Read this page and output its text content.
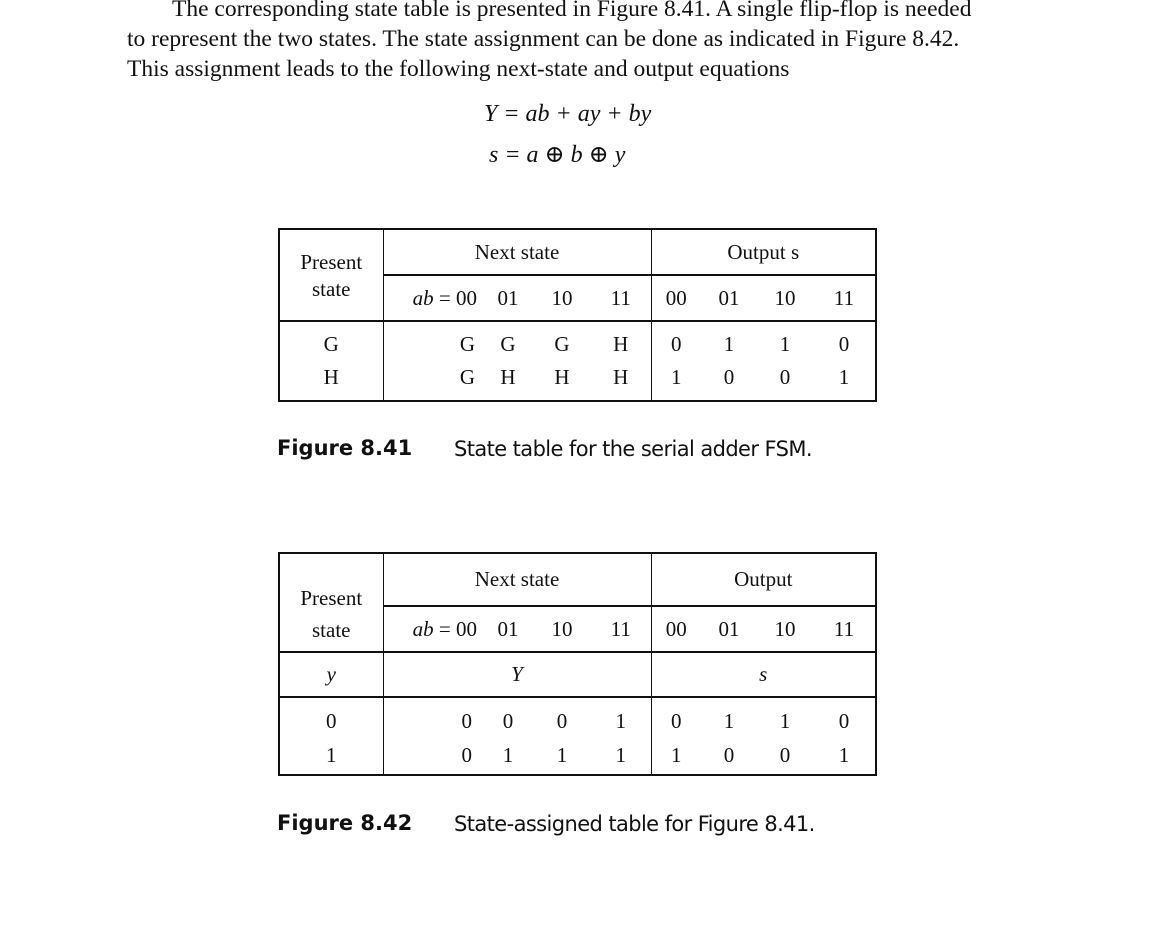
The corresponding state table is presented in Figure 8.41. A single flip-flop is needed
to represent the two states. The state assignment can be done as indicated in Figure 8.42.
This assignment leads to the following next-state and output equations

Y = ab + ay + by
s = a ⊕ b ⊕ y
Present
state	Next state				Output s			
	ab = 00	01	10	11	00	01	10	11
G	G	G	G	H	0	1	1	0
H	G	H	H	H	1	0	0	1
Figure 8.41 State table for the serial adder FSM.
Present
state	Next state				Output			
	ab = 00	01	10	11	00	01	10	11
y	Y				s			
0	0	0	0	1	0	1	1	0
1	0	1	1	1	1	0	0	1
Figure 8.42 State-assigned table for Figure 8.41.
